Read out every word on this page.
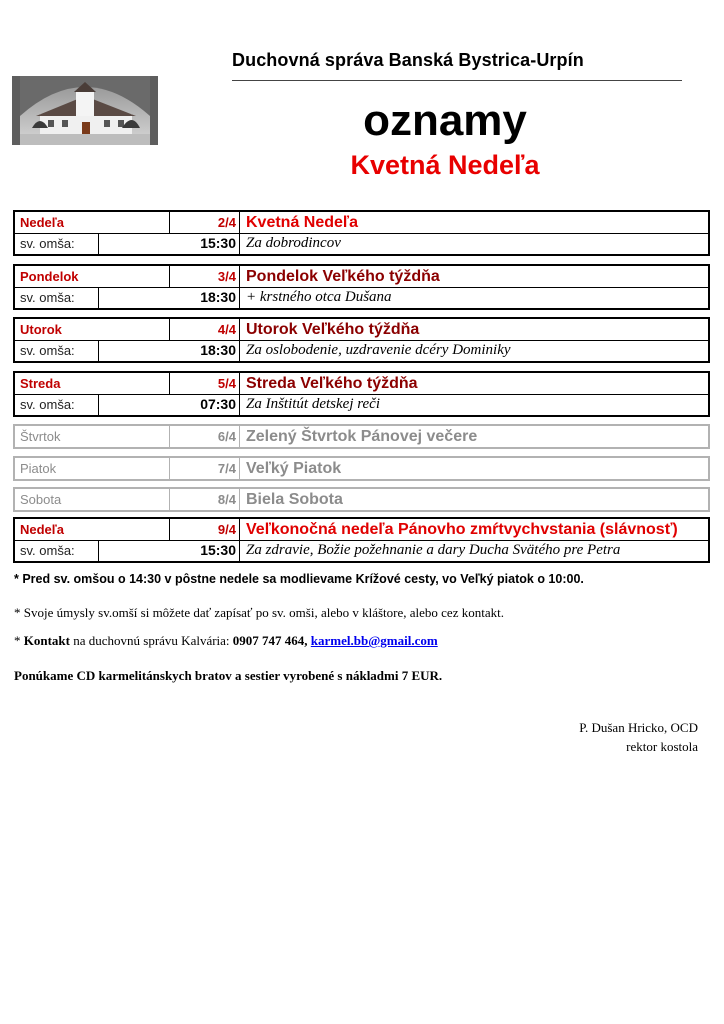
Duchovná správa Banská Bystrica-Urpín
oznamy
Kvetná Nedeľa
Nedeľa	2/4 Kvetná Nedeľa
sv. omša:	15:30 Za dobrodincov
Pondelok	3/4 Pondelok Veľkého týždňa
sv. omša:	18:30 + krstného otca Dušana
Utorok	4/4 Utorok Veľkého týždňa
sv. omša:	18:30 Za oslobodenie, uzdravenie dcéry Dominiky
Streda	5/4 Streda Veľkého týždňa
sv. omša:	07:30 Za Inštitút detskej reči
Štvrtok	6/4 Zelený Štvrtok Pánovej večere
Piatok	7/4 Veľký Piatok
Sobota	8/4 Biela Sobota
Nedeľa	9/4 Veľkonočná nedeľa Pánovho zmŕtvychvstania (slávnosť)
sv. omša:	15:30 Za zdravie, Božie požehnanie a dary Ducha Svätého pre Petra
* Pred sv. omšou o 14:30 v pôstne nedele sa modlievame Krížové cesty, vo Veľký piatok o 10:00.
* Svoje úmysly sv.omší si môžete dať zapísať po sv. omši, alebo v kláštore, alebo cez kontakt.
* Kontakt na duchovnú správu Kalvária: 0907 747 464, karmel.bb@gmail.com
Ponúkame CD karmelitánskych bratov a sestier vyrobené s nákladmi 7 EUR.
P. Dušan Hricko, OCD
rektor kostola
